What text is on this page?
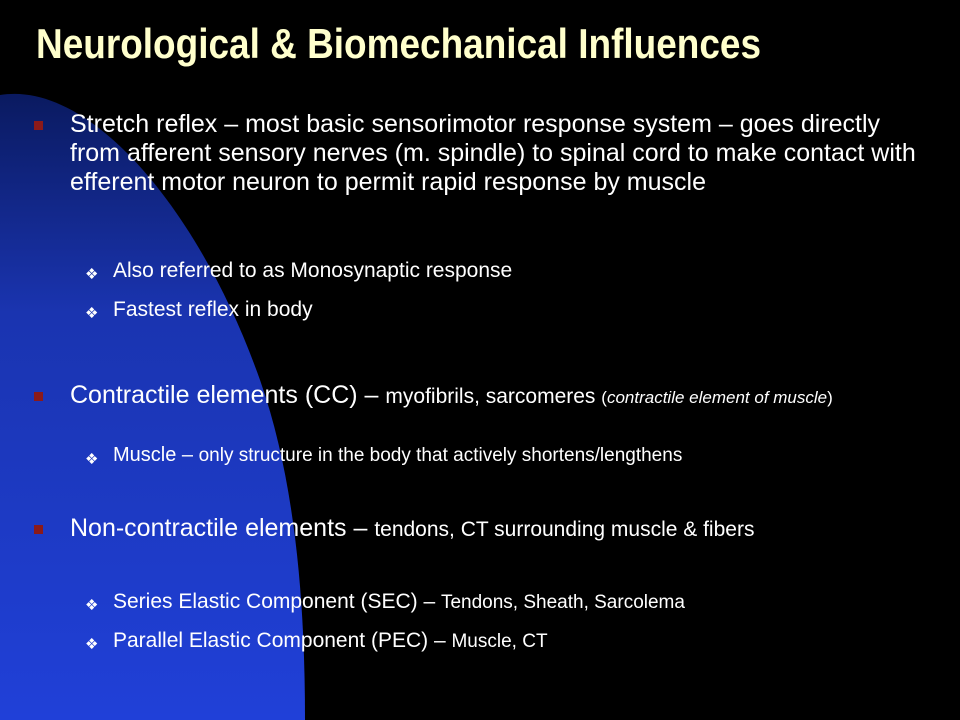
Neurological & Biomechanical Influences
Stretch reflex – most basic sensorimotor response system – goes directly from afferent sensory nerves (m. spindle) to spinal cord to make contact with efferent motor neuron to permit rapid response by muscle
❖ Also referred to as Monosynaptic response
❖ Fastest reflex in body
Contractile elements (CC) – myofibrils, sarcomeres (contractile element of muscle)
❖ Muscle – only structure in the body that actively shortens/lengthens
Non-contractile elements – tendons, CT surrounding muscle & fibers
❖ Series Elastic Component (SEC) – Tendons, Sheath, Sarcolema
❖ Parallel Elastic Component (PEC) – Muscle, CT
